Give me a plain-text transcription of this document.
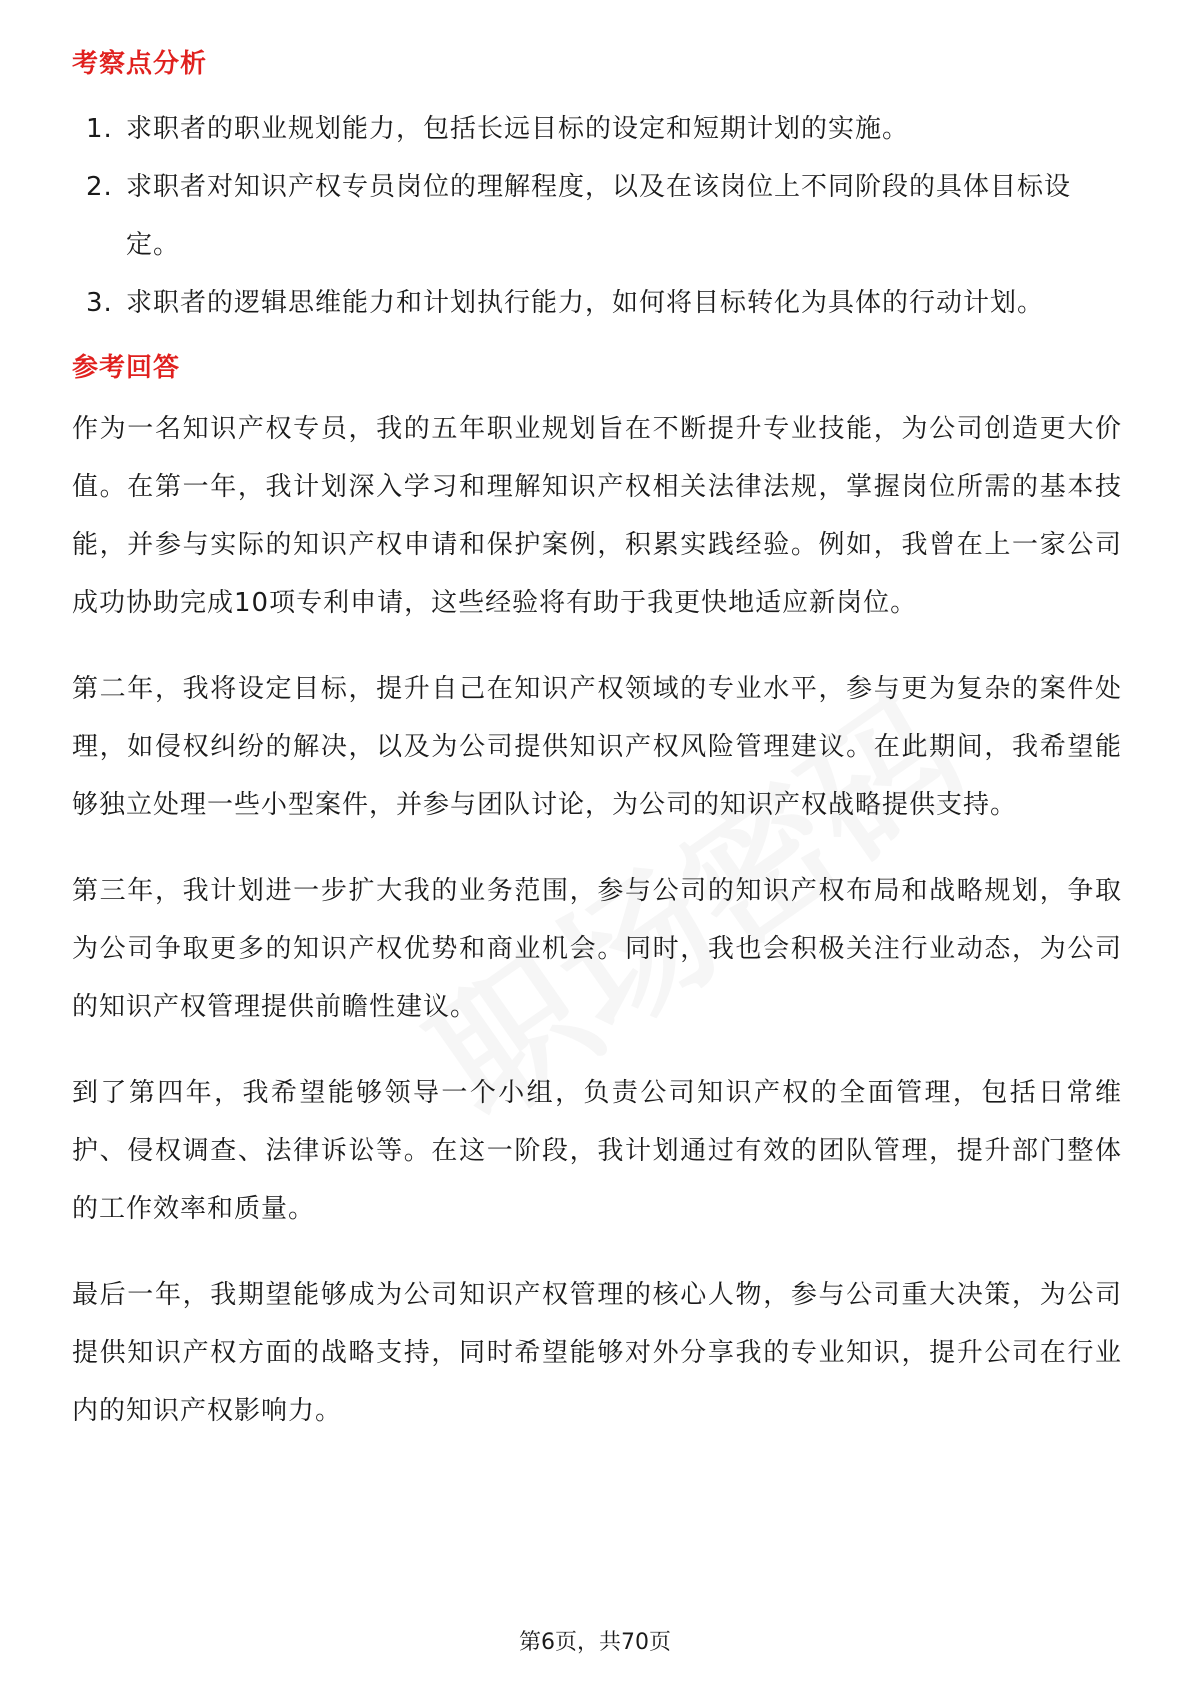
考察点分析
1. 求职者的职业规划能力，包括长远目标的设定和短期计划的实施。
2. 求职者对知识产权专员岗位的理解程度，以及在该岗位上不同阶段的具体目标设定。
3. 求职者的逻辑思维能力和计划执行能力，如何将目标转化为具体的行动计划。
参考回答

作为一名知识产权专员，我的五年职业规划旨在不断提升专业技能，为公司创造更大价值。在第一年，我计划深入学习和理解知识产权相关法律法规，掌握岗位所需的基本技能，并参与实际的知识产权申请和保护案例，积累实践经验。例如，我曾在上一家公司成功协助完成10项专利申请，这些经验将有助于我更快地适应新岗位。

第二年，我将设定目标，提升自己在知识产权领域的专业水平，参与更为复杂的案件处理，如侵权纠纷的解决，以及为公司提供知识产权风险管理建议。在此期间，我希望能够独立处理一些小型案件，并参与团队讨论，为公司的知识产权战略提供支持。

第三年，我计划进一步扩大我的业务范围，参与公司的知识产权布局和战略规划，争取为公司争取更多的知识产权优势和商业机会。同时，我也会积极关注行业动态，为公司的知识产权管理提供前瞻性建议。

到了第四年，我希望能够领导一个小组，负责公司知识产权的全面管理，包括日常维护、侵权调查、法律诉讼等。在这一阶段，我计划通过有效的团队管理，提升部门整体的工作效率和质量。

最后一年，我期望能够成为公司知识产权管理的核心人物，参与公司重大决策，为公司提供知识产权方面的战略支持，同时希望能够对外分享我的专业知识，提升公司在行业内的知识产权影响力。

第6页，共70页
